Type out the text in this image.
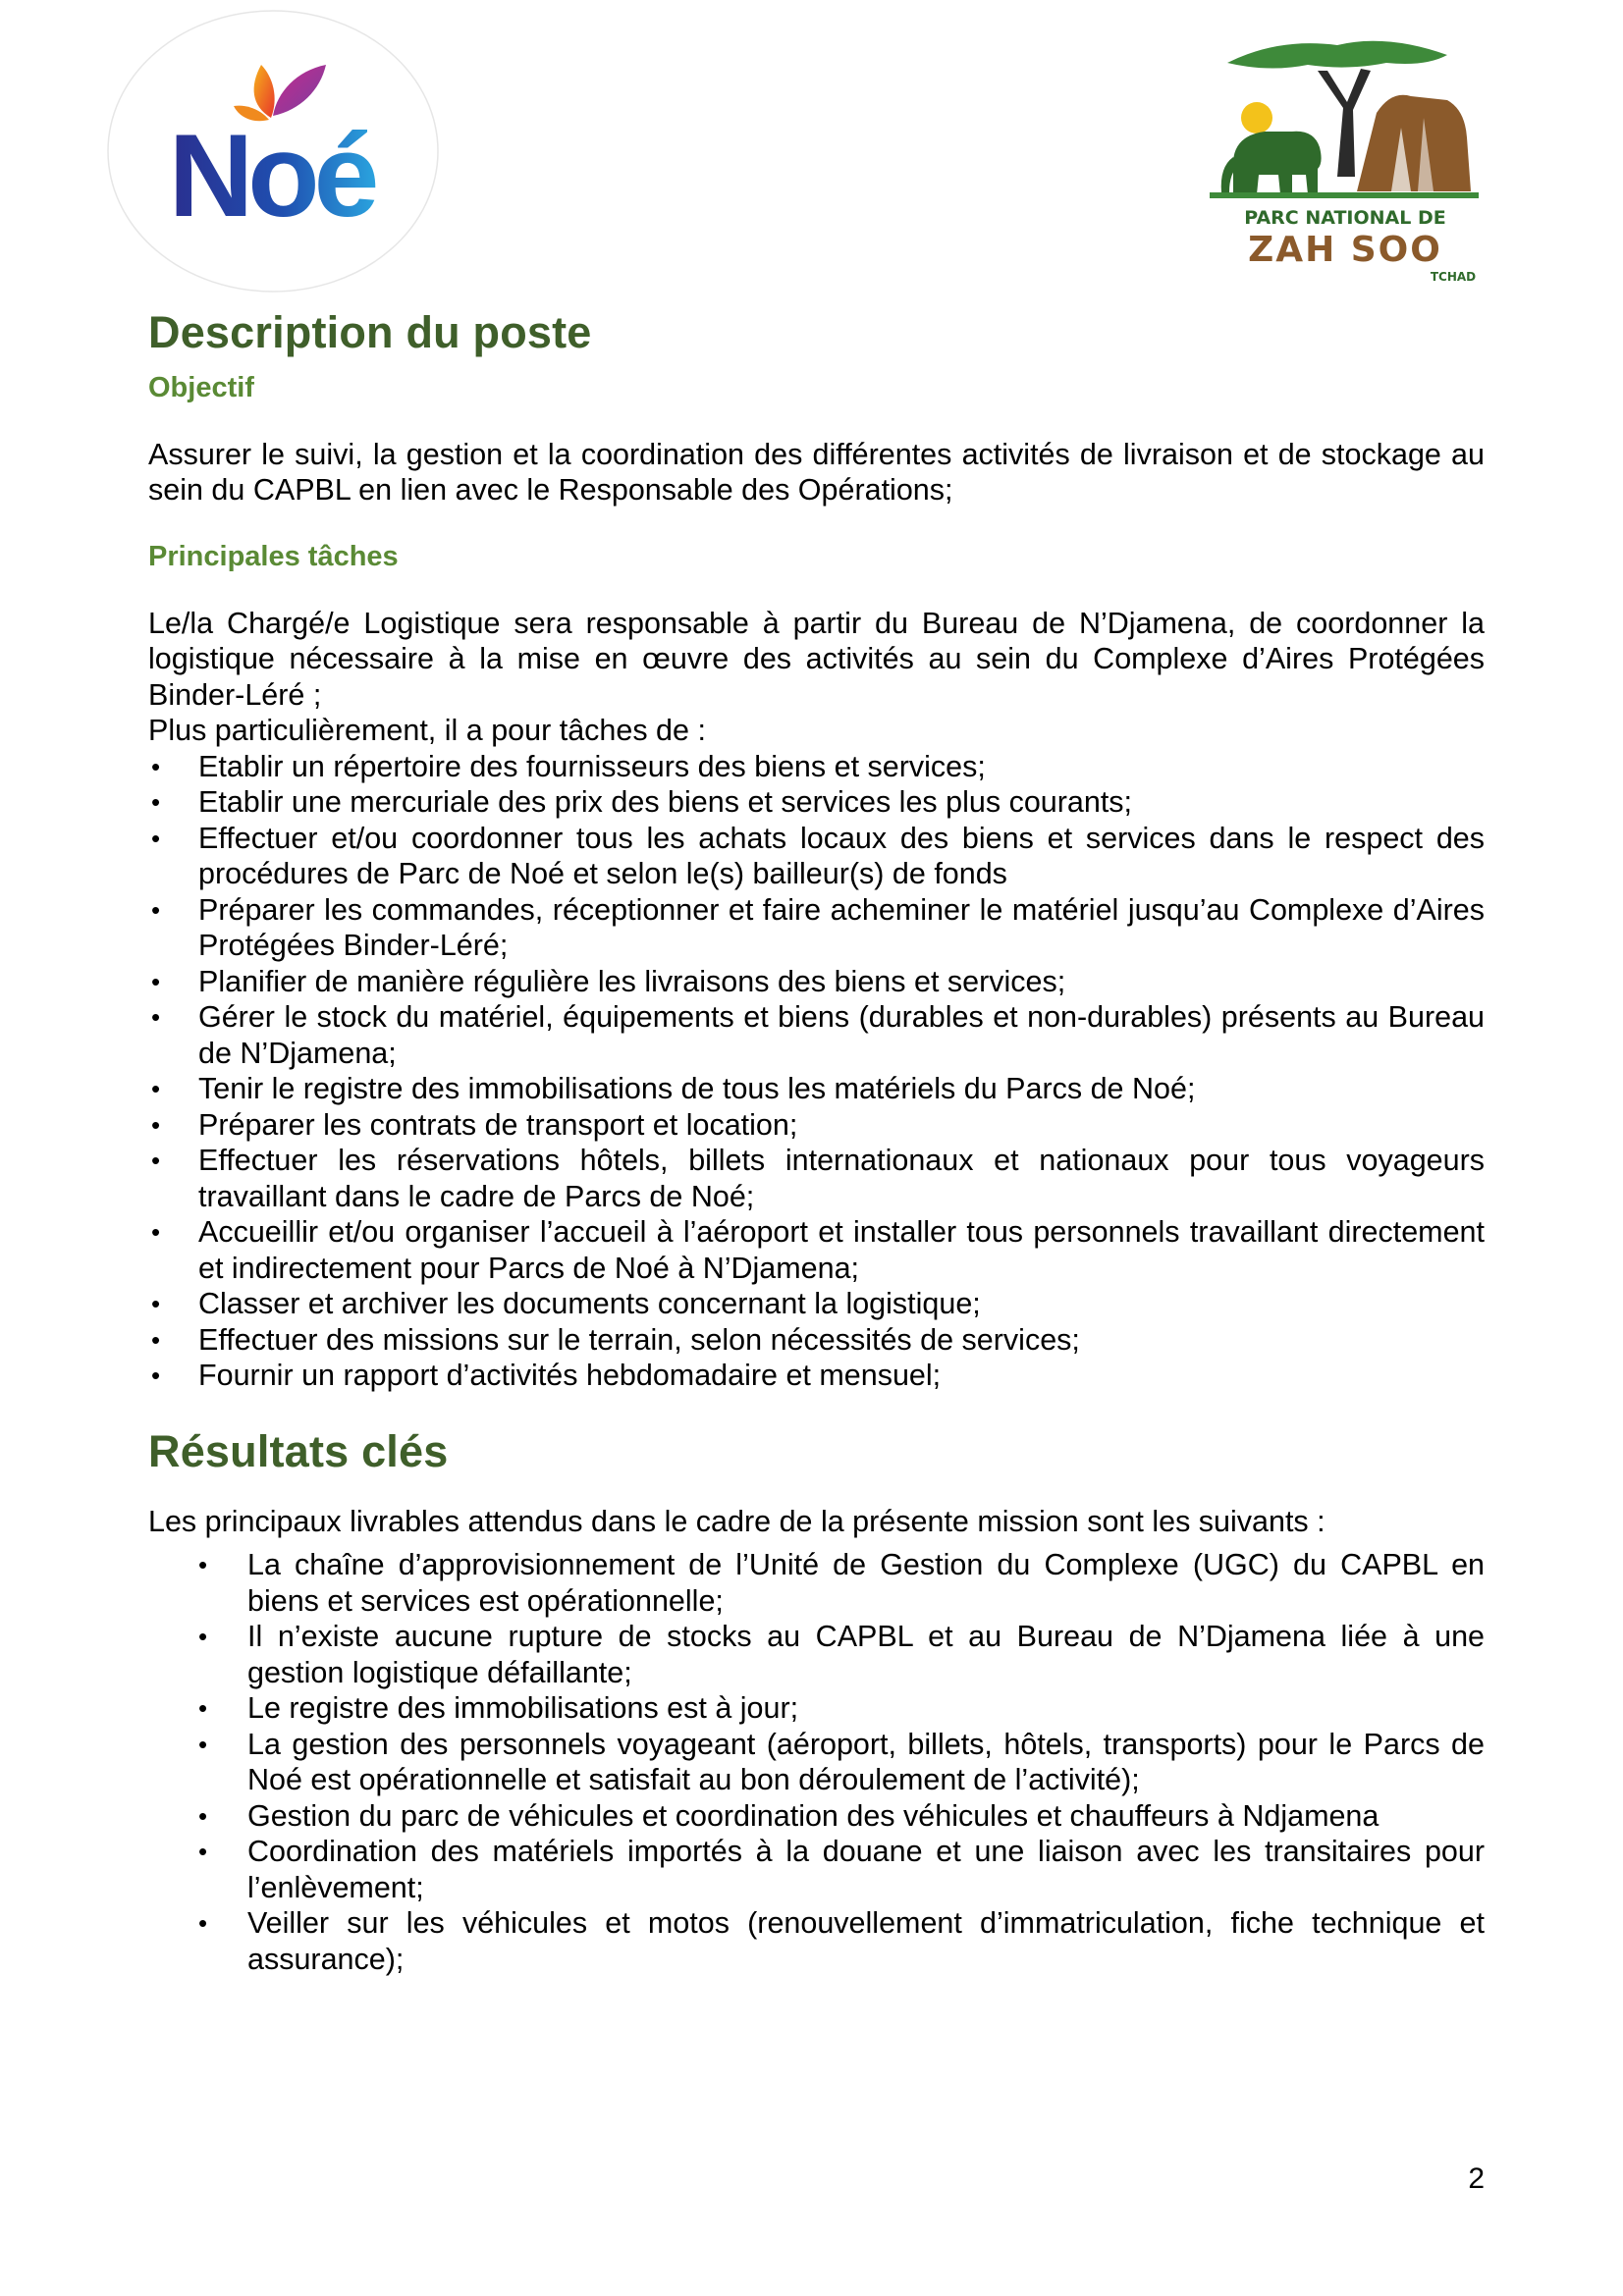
Noé	PARC NATIONAL DE
ZAH SOO
TCHAD
Description du poste
Objectif

Assurer le suivi, la gestion et la coordination des différentes activités de livraison et de stockage au sein du CAPBL en lien avec le Responsable des Opérations;

Principales tâches

Le/la Chargé/e Logistique sera responsable à partir du Bureau de N’Djamena, de coordonner la logistique nécessaire à la mise en œuvre des activités au sein du Complexe d’Aires Protégées Binder-Léré ;

Plus particulièrement, il a pour tâches de :

• Etablir un répertoire des fournisseurs des biens et services;
• Etablir une mercuriale des prix des biens et services les plus courants;
• Effectuer et/ou coordonner tous les achats locaux des biens et services dans le respect des procédures de Parc de Noé et selon le(s) bailleur(s) de fonds
• Préparer les commandes, réceptionner et faire acheminer le matériel jusqu’au Complexe d’Aires Protégées Binder-Léré;
• Planifier de manière régulière les livraisons des biens et services;
• Gérer le stock du matériel, équipements et biens (durables et non-durables) présents au Bureau de N’Djamena;
• Tenir le registre des immobilisations de tous les matériels du Parcs de Noé;
• Préparer les contrats de transport et location;
• Effectuer les réservations hôtels, billets internationaux et nationaux pour tous voyageurs travaillant dans le cadre de Parcs de Noé;
• Accueillir et/ou organiser l’accueil à l’aéroport et installer tous personnels travaillant directement et indirectement pour Parcs de Noé à N’Djamena;
• Classer et archiver les documents concernant la logistique;
• Effectuer des missions sur le terrain, selon nécessités de services;
• Fournir un rapport d’activités hebdomadaire et mensuel;
Résultats clés

Les principaux livrables attendus dans le cadre de la présente mission sont les suivants :

• La chaîne d’approvisionnement de l’Unité de Gestion du Complexe (UGC) du CAPBL en biens et services est opérationnelle;
• Il n’existe aucune rupture de stocks au CAPBL et au Bureau de N’Djamena liée à une gestion logistique défaillante;
• Le registre des immobilisations est à jour;
• La gestion des personnels voyageant (aéroport, billets, hôtels, transports) pour le Parcs de Noé est opérationnelle et satisfait au bon déroulement de l’activité);
• Gestion du parc de véhicules et coordination des véhicules et chauffeurs à Ndjamena
• Coordination des matériels importés à la douane et une liaison avec les transitaires pour l’enlèvement;
• Veiller sur les véhicules et motos (renouvellement d’immatriculation, fiche technique et assurance);
2
